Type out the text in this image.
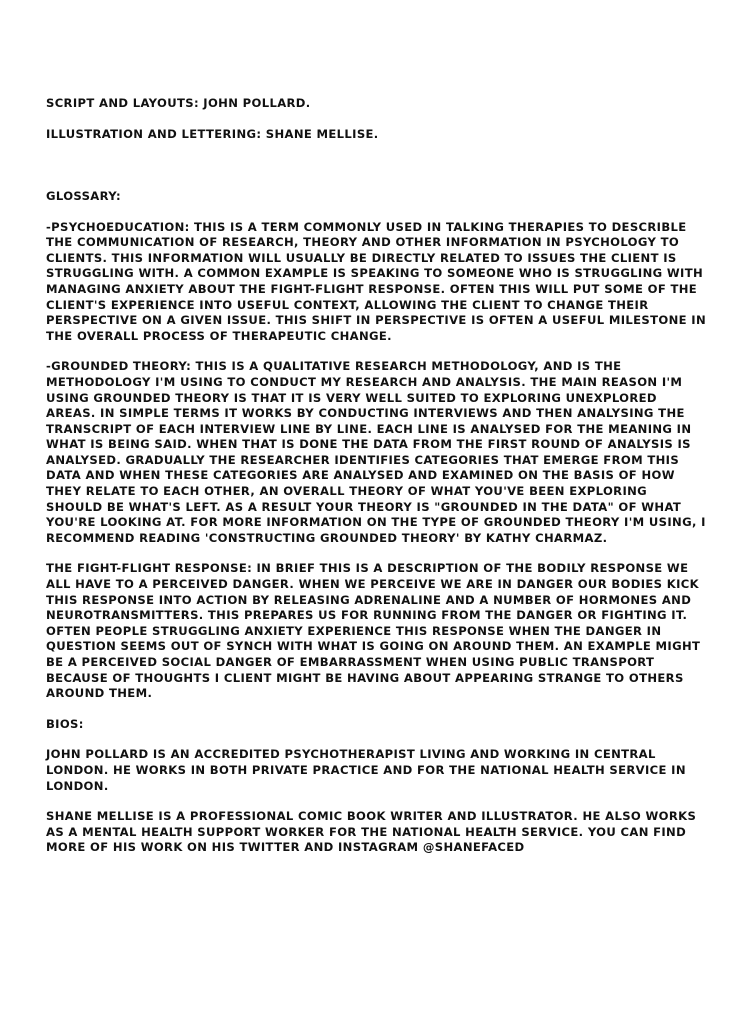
SCRIPT AND LAYOUTS: JOHN POLLARD.

ILLUSTRATION AND LETTERING: SHANE MELLISE.

GLOSSARY:
-PSYCHOEDUCATION: THIS IS A TERM COMMONLY USED IN TALKING THERAPIES TO DESCRIBLE THE COMMUNICATION OF RESEARCH, THEORY AND OTHER INFORMATION IN PSYCHOLOGY TO CLIENTS. THIS INFORMATION WILL USUALLY BE DIRECTLY RELATED TO ISSUES THE CLIENT IS STRUGGLING WITH. A COMMON EXAMPLE IS SPEAKING TO SOMEONE WHO IS STRUGGLING WITH MANAGING ANXIETY ABOUT THE FIGHT-FLIGHT RESPONSE. OFTEN THIS WILL PUT SOME OF THE CLIENT'S EXPERIENCE INTO USEFUL CONTEXT, ALLOWING THE CLIENT TO CHANGE THEIR PERSPECTIVE ON A GIVEN ISSUE. THIS SHIFT IN PERSPECTIVE IS OFTEN A USEFUL MILESTONE IN THE OVERALL PROCESS OF THERAPEUTIC CHANGE.
-GROUNDED THEORY: THIS IS A QUALITATIVE RESEARCH METHODOLOGY, AND IS THE METHODOLOGY I'M USING TO CONDUCT MY RESEARCH AND ANALYSIS. THE MAIN REASON I'M USING GROUNDED THEORY IS THAT IT IS VERY WELL SUITED TO EXPLORING UNEXPLORED AREAS. IN SIMPLE TERMS IT WORKS BY CONDUCTING INTERVIEWS AND THEN ANALYSING THE TRANSCRIPT OF EACH INTERVIEW LINE BY LINE. EACH LINE IS ANALYSED FOR THE MEANING IN WHAT IS BEING SAID. WHEN THAT IS DONE THE DATA FROM THE FIRST ROUND OF ANALYSIS IS ANALYSED. GRADUALLY THE RESEARCHER IDENTIFIES CATEGORIES THAT EMERGE FROM THIS DATA AND WHEN THESE CATEGORIES ARE ANALYSED AND EXAMINED ON THE BASIS OF HOW THEY RELATE TO EACH OTHER, AN OVERALL THEORY OF WHAT YOU'VE BEEN EXPLORING SHOULD BE WHAT'S LEFT. AS A RESULT YOUR THEORY IS "GROUNDED IN THE DATA" OF WHAT YOU'RE LOOKING AT. FOR MORE INFORMATION ON THE TYPE OF GROUNDED THEORY I'M USING, I RECOMMEND READING 'CONSTRUCTING GROUNDED THEORY' BY KATHY CHARMAZ.
THE FIGHT-FLIGHT RESPONSE: IN BRIEF THIS IS A DESCRIPTION OF THE BODILY RESPONSE WE ALL HAVE TO A PERCEIVED DANGER. WHEN WE PERCEIVE WE ARE IN DANGER OUR BODIES KICK THIS RESPONSE INTO ACTION BY RELEASING ADRENALINE AND A NUMBER OF HORMONES AND NEUROTRANSMITTERS. THIS PREPARES US FOR RUNNING FROM THE DANGER OR FIGHTING IT. OFTEN PEOPLE STRUGGLING ANXIETY EXPERIENCE THIS RESPONSE WHEN THE DANGER IN QUESTION SEEMS OUT OF SYNCH WITH WHAT IS GOING ON AROUND THEM. AN EXAMPLE MIGHT BE A PERCEIVED SOCIAL DANGER OF EMBARRASSMENT WHEN USING PUBLIC TRANSPORT BECAUSE OF THOUGHTS I CLIENT MIGHT BE HAVING ABOUT APPEARING STRANGE TO OTHERS AROUND THEM.
BIOS:
JOHN POLLARD IS AN ACCREDITED PSYCHOTHERAPIST LIVING AND WORKING IN CENTRAL LONDON. HE WORKS IN BOTH PRIVATE PRACTICE AND FOR THE NATIONAL HEALTH SERVICE IN LONDON.
SHANE MELLISE IS A PROFESSIONAL COMIC BOOK WRITER AND ILLUSTRATOR. HE ALSO WORKS AS A MENTAL HEALTH SUPPORT WORKER FOR THE NATIONAL HEALTH SERVICE. YOU CAN FIND MORE OF HIS WORK ON HIS TWITTER AND INSTAGRAM @SHANEFACED
